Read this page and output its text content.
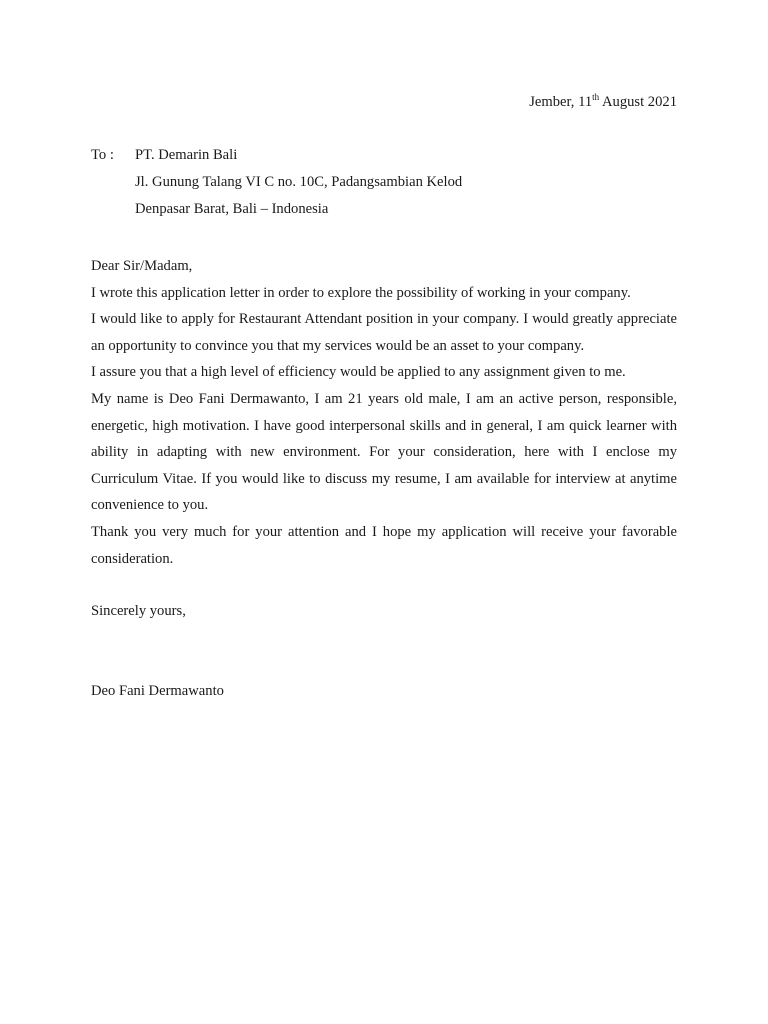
Jember, 11th August 2021
To : PT. Demarin Bali
Jl. Gunung Talang VI C no. 10C, Padangsambian Kelod
Denpasar Barat, Bali – Indonesia

Dear Sir/Madam,

I wrote this application letter in order to explore the possibility of working in your company.

I would like to apply for Restaurant Attendant position in your company. I would greatly appreciate an opportunity to convince you that my services would be an asset to your company.

I assure you that a high level of efficiency would be applied to any assignment given to me.

My name is Deo Fani Dermawanto, I am 21 years old male, I am an active person, responsible, energetic, high motivation. I have good interpersonal skills and in general, I am quick learner with ability in adapting with new environment. For your consideration, here with I enclose my Curriculum Vitae. If you would like to discuss my resume, I am available for interview at anytime convenience to you.

Thank you very much for your attention and I hope my application will receive your favorable consideration.

Sincerely yours,
Deo Fani Dermawanto
